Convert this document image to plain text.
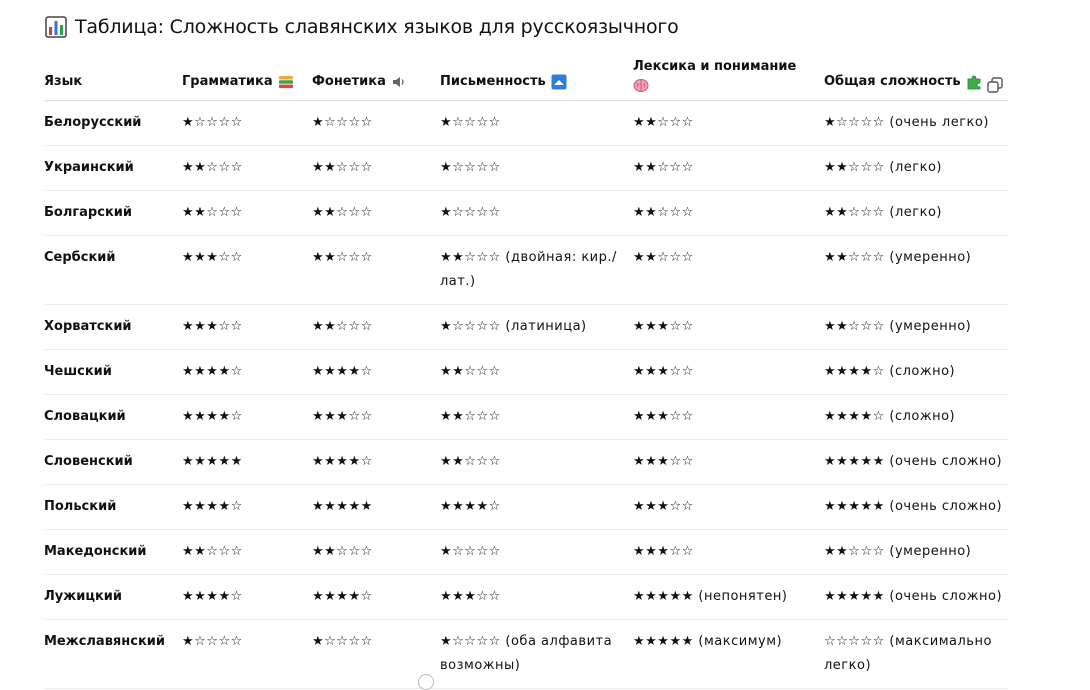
Таблица: Сложность славянских языков для русскоязычного
Язык	Грамматика	Фонетика	Письменность	Лексика и понимание	Общая сложность

Белорусский	★☆☆☆☆	★☆☆☆☆	★☆☆☆☆	★★☆☆☆	★☆☆☆☆ (очень легко)
Украинский	★★☆☆☆	★★☆☆☆	★☆☆☆☆	★★☆☆☆	★★☆☆☆ (легко)
Болгарский	★★☆☆☆	★★☆☆☆	★☆☆☆☆	★★☆☆☆	★★☆☆☆ (легко)
Сербский	★★★☆☆	★★☆☆☆	★★☆☆☆ (двойная: кир./лат.)	★★☆☆☆	★★☆☆☆ (умеренно)
Хорватский	★★★☆☆	★★☆☆☆	★☆☆☆☆ (латиница)	★★★☆☆	★★☆☆☆ (умеренно)
Чешский	★★★★☆	★★★★☆	★★☆☆☆	★★★☆☆	★★★★☆ (сложно)
Словацкий	★★★★☆	★★★☆☆	★★☆☆☆	★★★☆☆	★★★★☆ (сложно)
Словенский	★★★★★	★★★★☆	★★☆☆☆	★★★☆☆	★★★★★ (очень сложно)
Польский	★★★★☆	★★★★★	★★★★☆	★★★☆☆	★★★★★ (очень сложно)
Македонский	★★☆☆☆	★★☆☆☆	★☆☆☆☆	★★★☆☆	★★☆☆☆ (умеренно)
Лужицкий	★★★★☆	★★★★☆	★★★☆☆	★★★★★ (непонятен)	★★★★★ (очень сложно)
Межславянский	★☆☆☆☆	★☆☆☆☆	★☆☆☆☆ (оба алфавита возможны)	★★★★★ (максимум)	☆☆☆☆☆ (максимально легко)
